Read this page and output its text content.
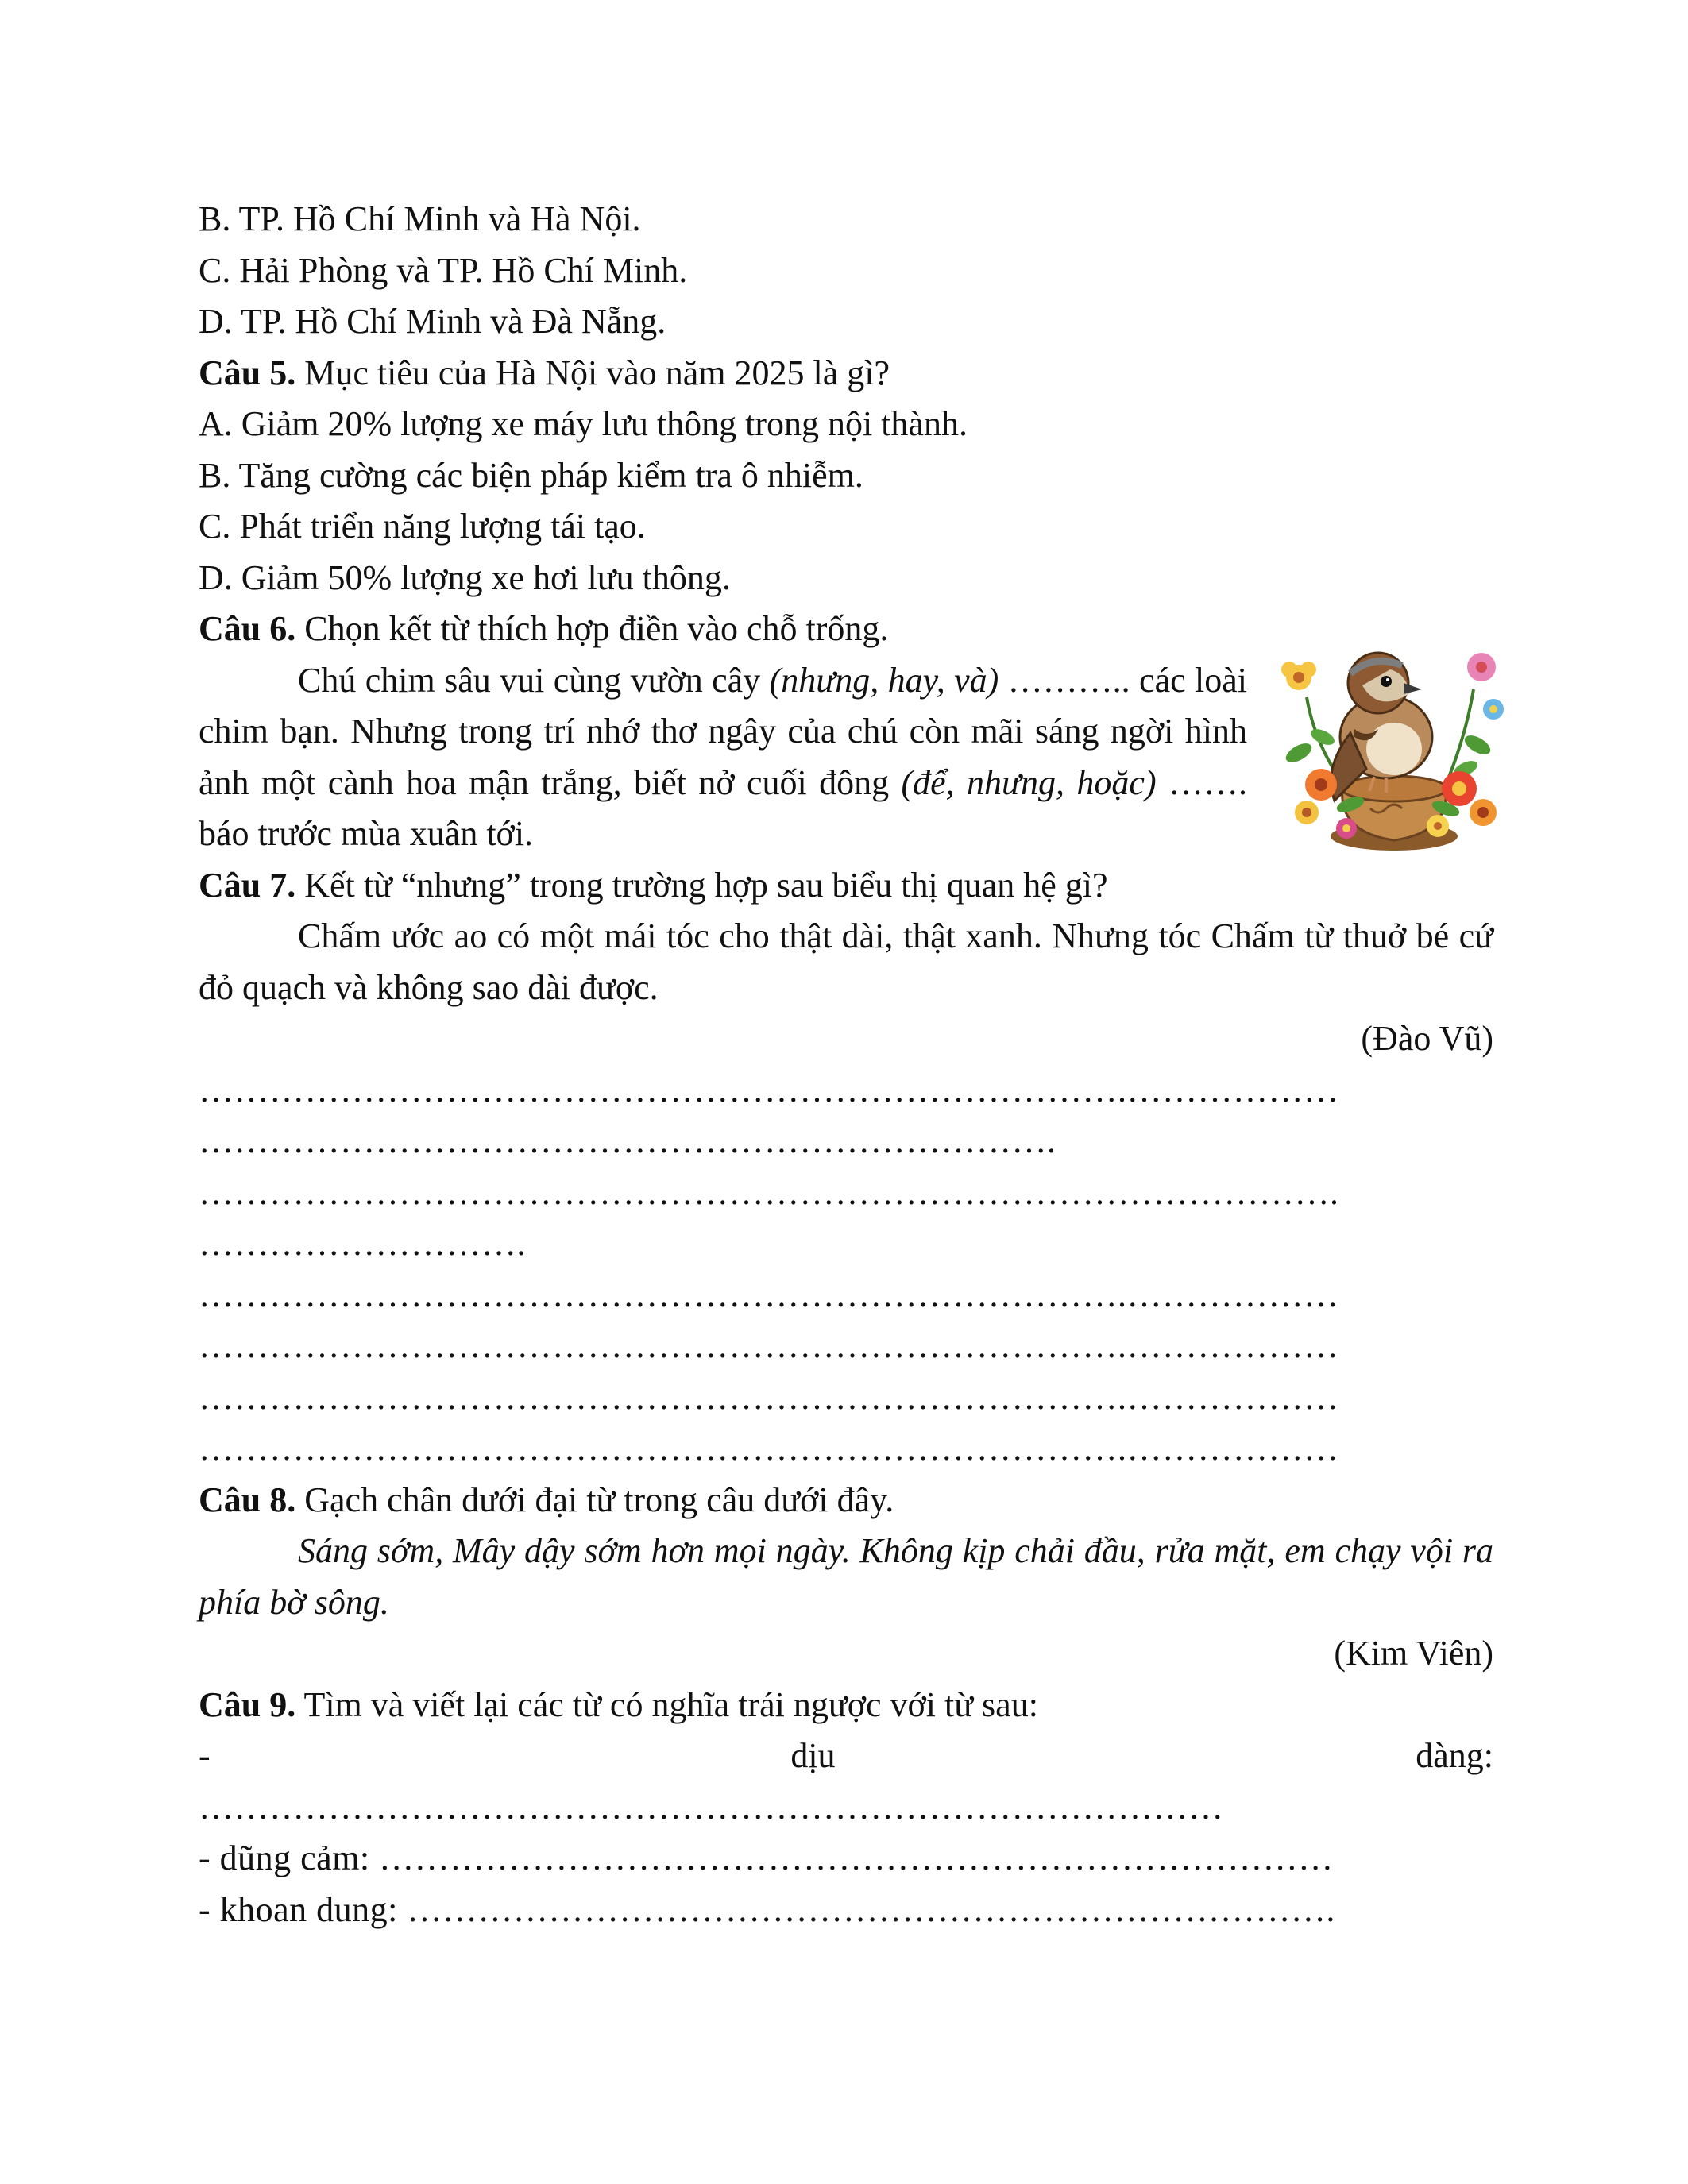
B. TP. Hồ Chí Minh và Hà Nội.
C. Hải Phòng và TP. Hồ Chí Minh.
D. TP. Hồ Chí Minh và Đà Nẵng.
Câu 5. Mục tiêu của Hà Nội vào năm 2025 là gì?
A. Giảm 20% lượng xe máy lưu thông trong nội thành.
B. Tăng cường các biện pháp kiểm tra ô nhiễm.
C. Phát triển năng lượng tái tạo.
D. Giảm 50% lượng xe hơi lưu thông.
Câu 6. Chọn kết từ thích hợp điền vào chỗ trống.
Chú chim sâu vui cùng vườn cây (nhưng, hay, và) ……….. các loài chim bạn. Nhưng trong trí nhớ thơ ngây của chú còn mãi sáng ngời hình ảnh một cành hoa mận trắng, biết nở cuối đông (để, nhưng, hoặc) ……. báo trước mùa xuân tới.
Câu 7. Kết từ “nhưng” trong trường hợp sau biểu thị quan hệ gì?
Chấm ước ao có một mái tóc cho thật dài, thật xanh. Nhưng tóc Chấm từ thuở bé cứ đỏ quạch và không sao dài được.
(Đào Vũ)
…………………………………………………………………….………………
……………………………………………………………….
…………………………………………………………………………………….
……………………….
…………………………………………………………………….………………
…………………………………………………………………….………………
…………………………………………………………………….………………
…………………………………………………………………….………………
Câu 8. Gạch chân dưới đại từ trong câu dưới đây.
Sáng sớm, Mây dậy sớm hơn mọi ngày. Không kịp chải đầu, rửa mặt, em chạy vội ra phía bờ sông.
(Kim Viên)
Câu 9. Tìm và viết lại các từ có nghĩa trái ngược với từ sau:
-	dịu	dàng:
……………………………………………………………………………
- dũng cảm: ………………………………………………………………………
- khoan dung: …………………………………………………………………….
